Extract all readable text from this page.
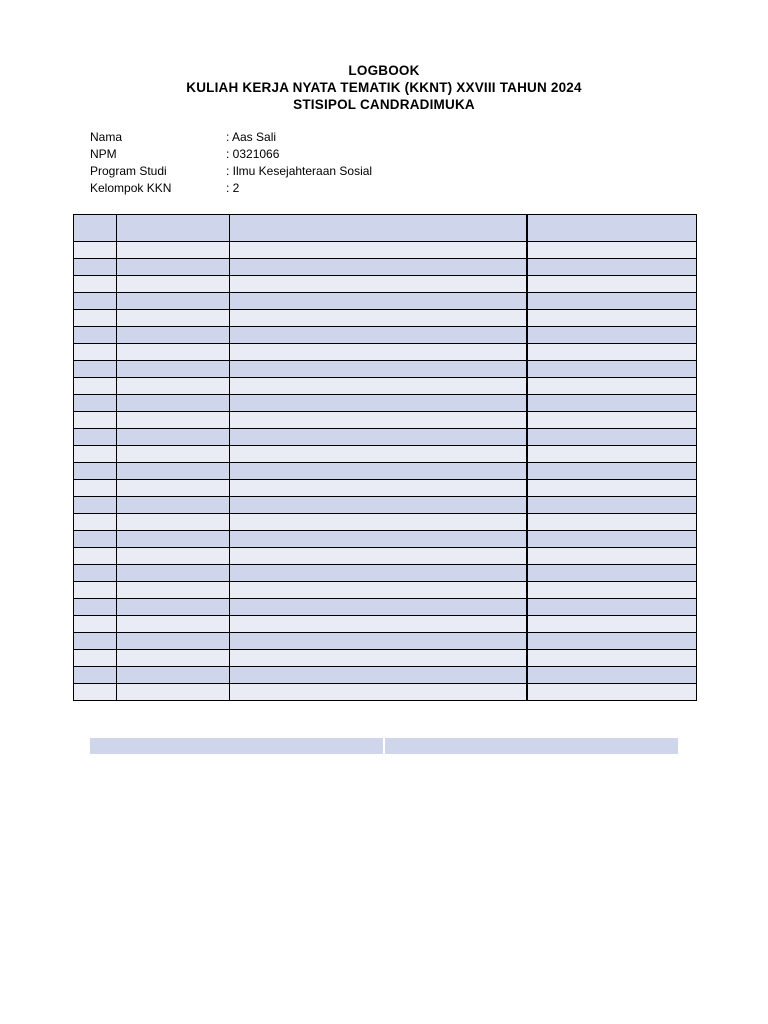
LOGBOOK
KULIAH KERJA NYATA TEMATIK (KKNT) XXVIII TAHUN 2024
STISIPOL CANDRADIMUKA
Nama	: Aas Sali
NPM	: 0321066
Program Studi	: Ilmu Kesejahteraan Sosial
Kelompok KKN	: 2
